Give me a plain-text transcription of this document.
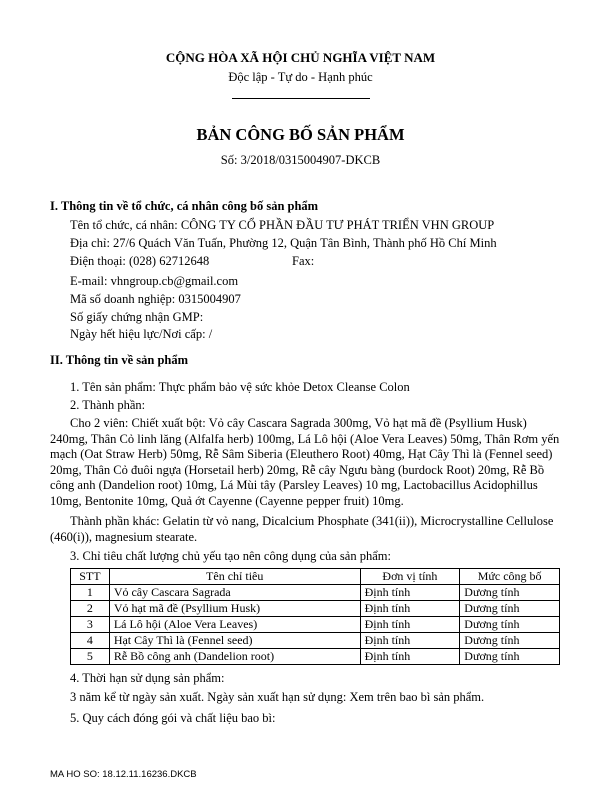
CỘNG HÒA XÃ HỘI CHỦ NGHĨA VIỆT NAM
Độc lập - Tự do - Hạnh phúc
BẢN CÔNG BỐ SẢN PHẨM
Số: 3/2018/0315004907-DKCB
I. Thông tin về tổ chức, cá nhân công bố sản phẩm
Tên tổ chức, cá nhân: CÔNG TY CỔ PHẦN ĐẦU TƯ PHÁT TRIỂN VHN GROUP
Địa chỉ: 27/6 Quách Văn Tuấn, Phường 12, Quận Tân Bình, Thành phố Hồ Chí Minh
Điện thoại: (028) 62712648	Fax:
E-mail: vhngroup.cb@gmail.com
Mã số doanh nghiệp: 0315004907
Số giấy chứng nhận GMP:
Ngày hết hiệu lực/Nơi cấp: /
II. Thông tin về sản phẩm
1. Tên sản phẩm: Thực phẩm bảo vệ sức khỏe Detox Cleanse Colon
2. Thành phần:
Cho 2 viên: Chiết xuất bột: Vỏ cây Cascara Sagrada 300mg, Vỏ hạt mã đề (Psyllium Husk) 240mg, Thân Cỏ linh lăng (Alfalfa herb) 100mg, Lá Lô hội (Aloe Vera Leaves) 50mg, Thân Rơm yến mạch (Oat Straw Herb) 50mg, Rễ Sâm Siberia (Eleuthero Root) 40mg, Hạt Cây Thì là (Fennel seed) 20mg, Thân Cỏ đuôi ngựa (Horsetail herb) 20mg, Rễ cây Ngưu bàng (burdock Root) 20mg, Rễ Bồ công anh (Dandelion root) 10mg, Lá Mùi tây (Parsley Leaves) 10 mg, Lactobacillus Acidophillus 10mg, Bentonite 10mg, Quả ớt Cayenne (Cayenne pepper fruit) 10mg.
Thành phần khác: Gelatin từ vỏ nang, Dicalcium Phosphate (341(ii)), Microcrystalline Cellulose (460(i)), magnesium stearate.
3. Chỉ tiêu chất lượng chủ yếu tạo nên công dụng của sản phẩm:
STT	Tên chỉ tiêu	Đơn vị tính	Mức công bố
1	Vỏ cây Cascara Sagrada	Định tính	Dương tính
2	Vỏ hạt mã đề (Psyllium Husk)	Định tính	Dương tính
3	Lá Lô hội (Aloe Vera Leaves)	Định tính	Dương tính
4	Hạt Cây Thì là (Fennel seed)	Định tính	Dương tính
5	Rễ Bồ công anh (Dandelion root)	Định tính	Dương tính
4. Thời hạn sử dụng sản phẩm:
3 năm kể từ ngày sản xuất. Ngày sản xuất hạn sử dụng: Xem trên bao bì sản phẩm.
5. Quy cách đóng gói và chất liệu bao bì:
MA HO SO: 18.12.11.16236.DKCB
